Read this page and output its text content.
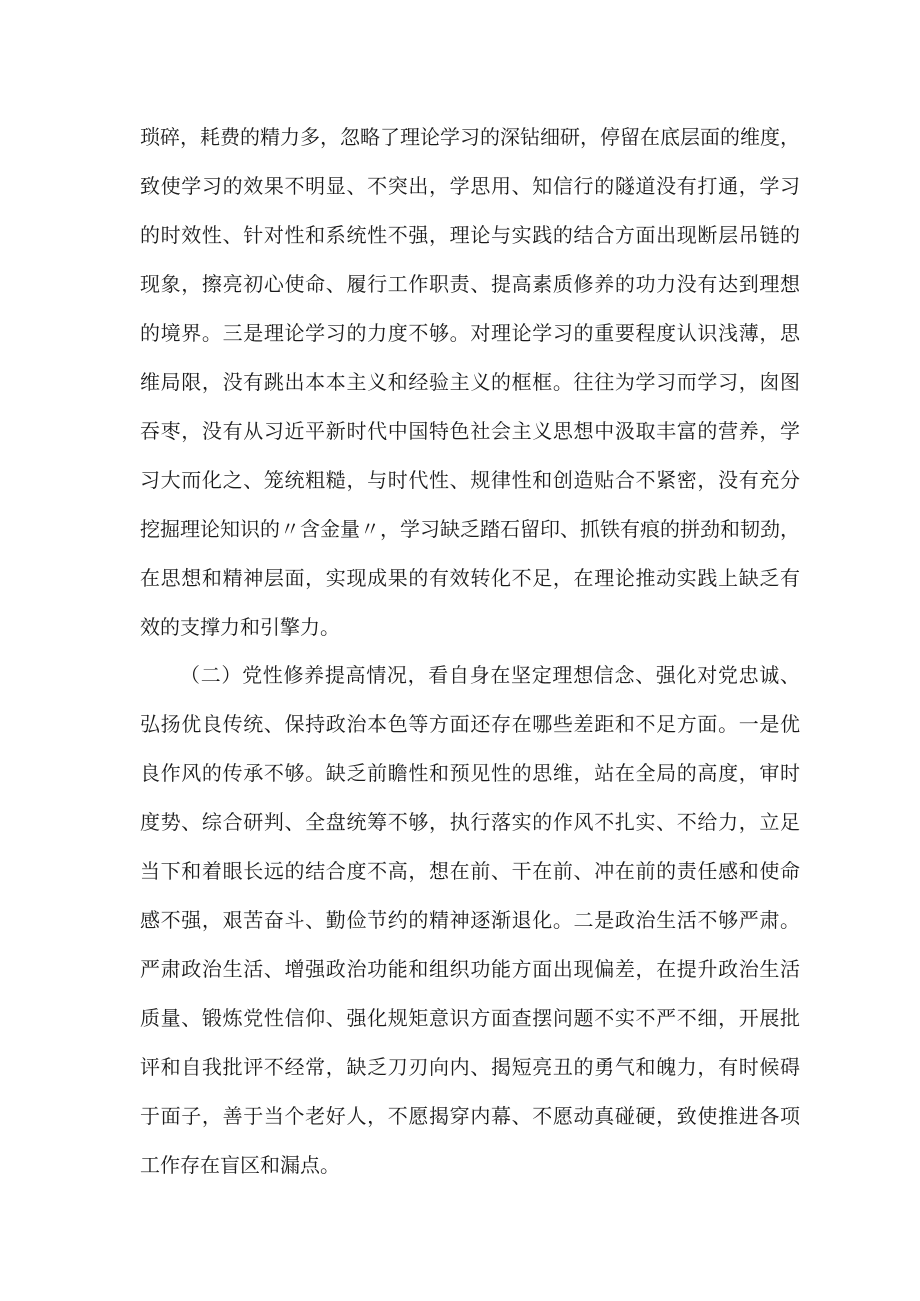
琐碎，耗费的精力多，忽略了理论学习的深钻细研，停留在底层面的维度，
致使学习的效果不明显、不突出，学思用、知信行的隧道没有打通，学习
的时效性、针对性和系统性不强，理论与实践的结合方面出现断层吊链的
现象，擦亮初心使命、履行工作职责、提高素质修养的功力没有达到理想
的境界。三是理论学习的力度不够。对理论学习的重要程度认识浅薄，思
维局限，没有跳出本本主义和经验主义的框框。往往为学习而学习，囱图
吞枣，没有从习近平新时代中国特色社会主义思想中汲取丰富的营养，学
习大而化之、笼统粗糙，与时代性、规律性和创造贴合不紧密，没有充分
挖掘理论知识的〃含金量〃，学习缺乏踏石留印、抓铁有痕的拼劲和韧劲，
在思想和精神层面，实现成果的有效转化不足，在理论推动实践上缺乏有
效的支撑力和引擎力。
（二）党性修养提高情况，看自身在坚定理想信念、强化对党忠诚、
弘扬优良传统、保持政治本色等方面还存在哪些差距和不足方面。一是优
良作风的传承不够。缺乏前瞻性和预见性的思维，站在全局的高度，审时
度势、综合研判、全盘统筹不够，执行落实的作风不扎实、不给力，立足
当下和着眼长远的结合度不高，想在前、干在前、冲在前的责任感和使命
感不强，艰苦奋斗、勤俭节约的精神逐渐退化。二是政治生活不够严肃。
严肃政治生活、增强政治功能和组织功能方面出现偏差，在提升政治生活
质量、锻炼党性信仰、强化规矩意识方面查摆问题不实不严不细，开展批
评和自我批评不经常，缺乏刀刃向内、揭短亮丑的勇气和魄力，有时候碍
于面子，善于当个老好人，不愿揭穿内幕、不愿动真碰硬，致使推进各项
工作存在盲区和漏点。
